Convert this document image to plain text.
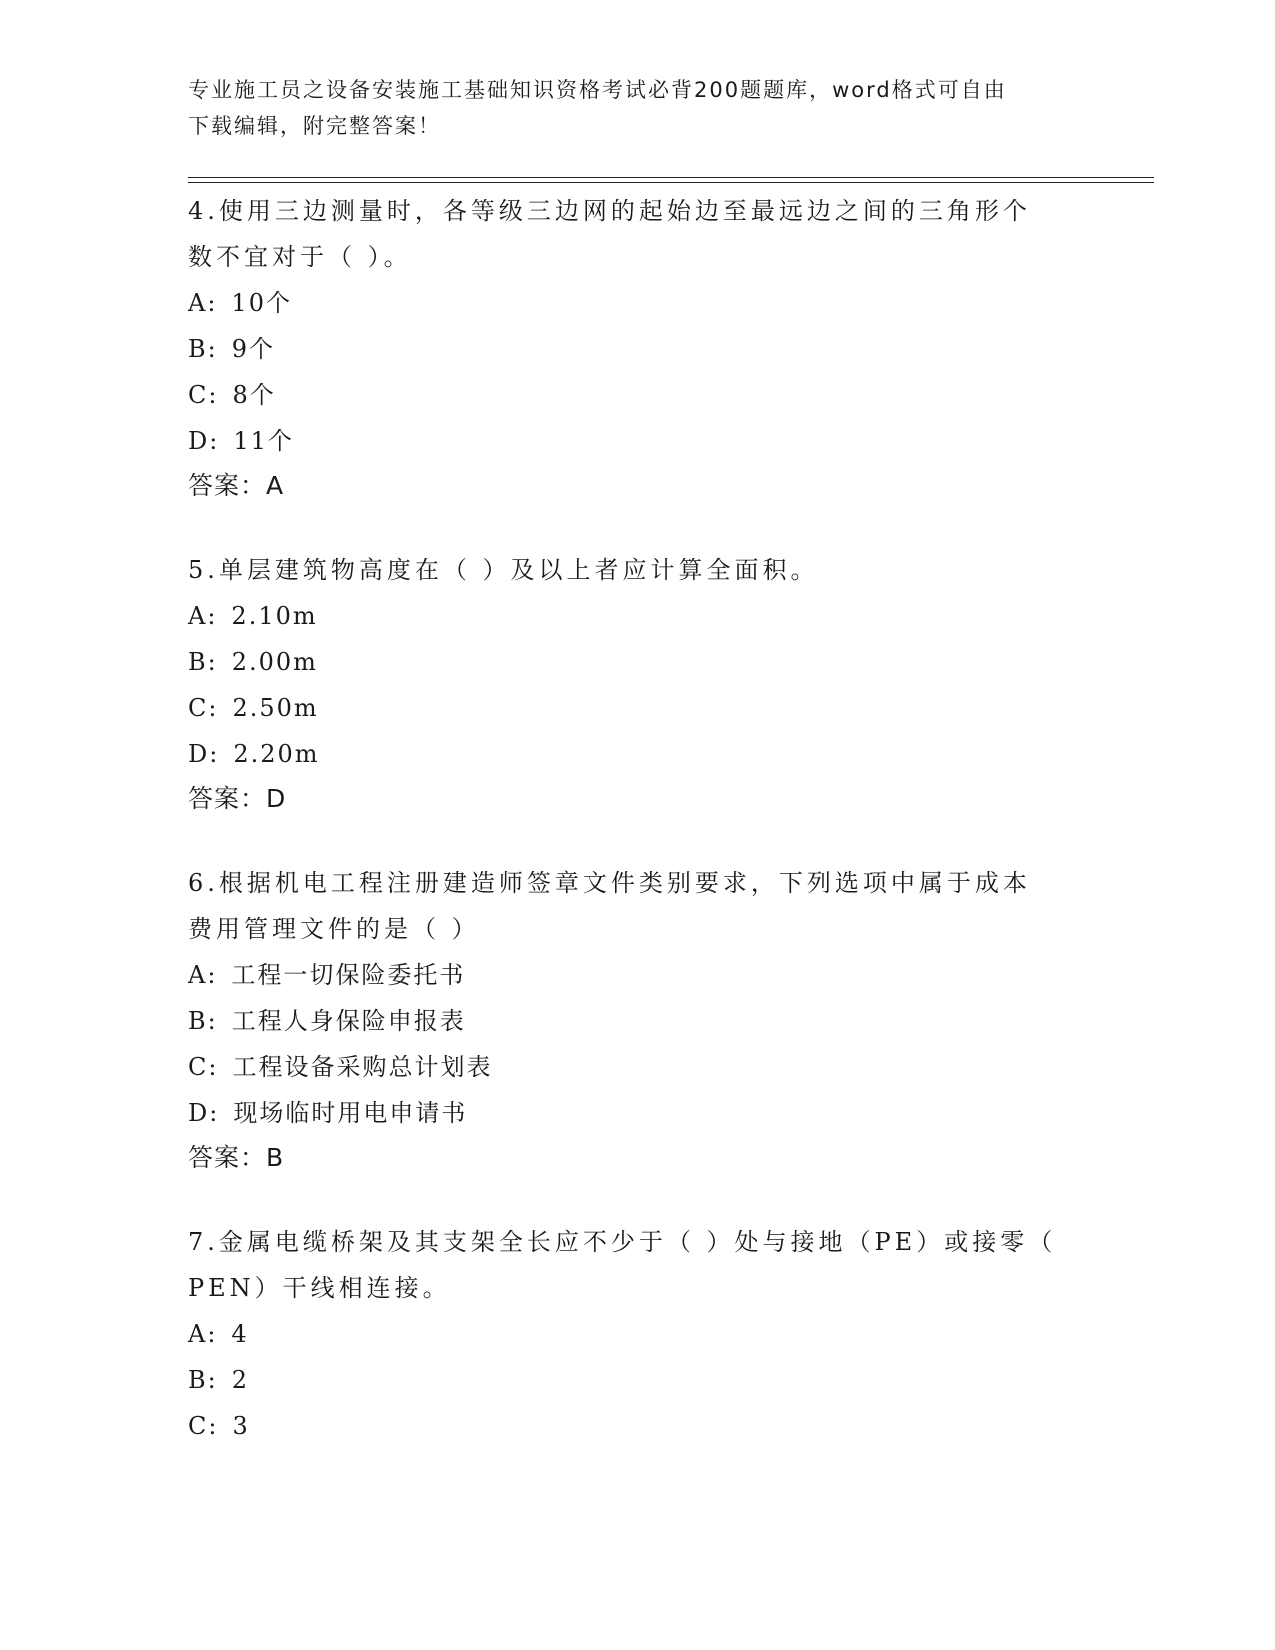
专业施工员之设备安装施工基础知识资格考试必背200题题库，word格式可自由
下载编辑，附完整答案！

4.使用三边测量时，各等级三边网的起始边至最远边之间的三角形个

数不宜对于（ ）。

A: 10个

B: 9个

C: 8个

D: 11个

答案：A

5.单层建筑物高度在（ ）及以上者应计算全面积。

A: 2.10m

B: 2.00m

C: 2.50m

D: 2.20m

答案：D

6.根据机电工程注册建造师签章文件类别要求，下列选项中属于成本

费用管理文件的是（ ）

A: 工程一切保险委托书

B: 工程人身保险申报表

C: 工程设备采购总计划表

D: 现场临时用电申请书

答案：B

7.金属电缆桥架及其支架全长应不少于（ ）处与接地（PE）或接零（

PEN）干线相连接。

A: 4

B: 2

C: 3
